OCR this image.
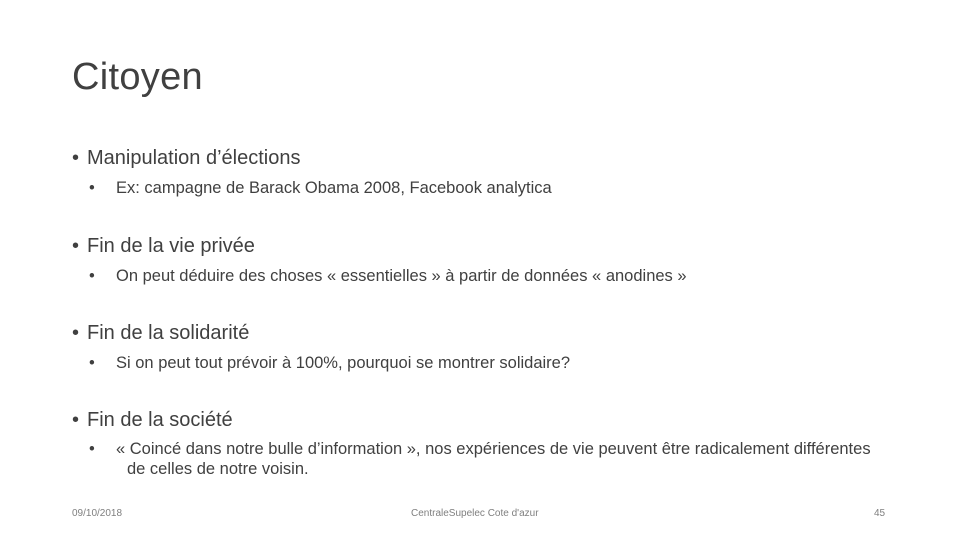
Citoyen
• Manipulation d’élections
• Ex: campagne de Barack Obama 2008, Facebook analytica
• Fin de la vie privée
• On peut déduire des choses « essentielles » à partir de données « anodines »
• Fin de la solidarité
• Si on peut tout prévoir à 100%, pourquoi se montrer solidaire?
• Fin de la société
• « Coincé dans notre bulle d’information », nos expériences de vie peuvent être radicalement différentes de celles de notre voisin.
09/10/2018	CentraleSupelec Cote d'azur	45
